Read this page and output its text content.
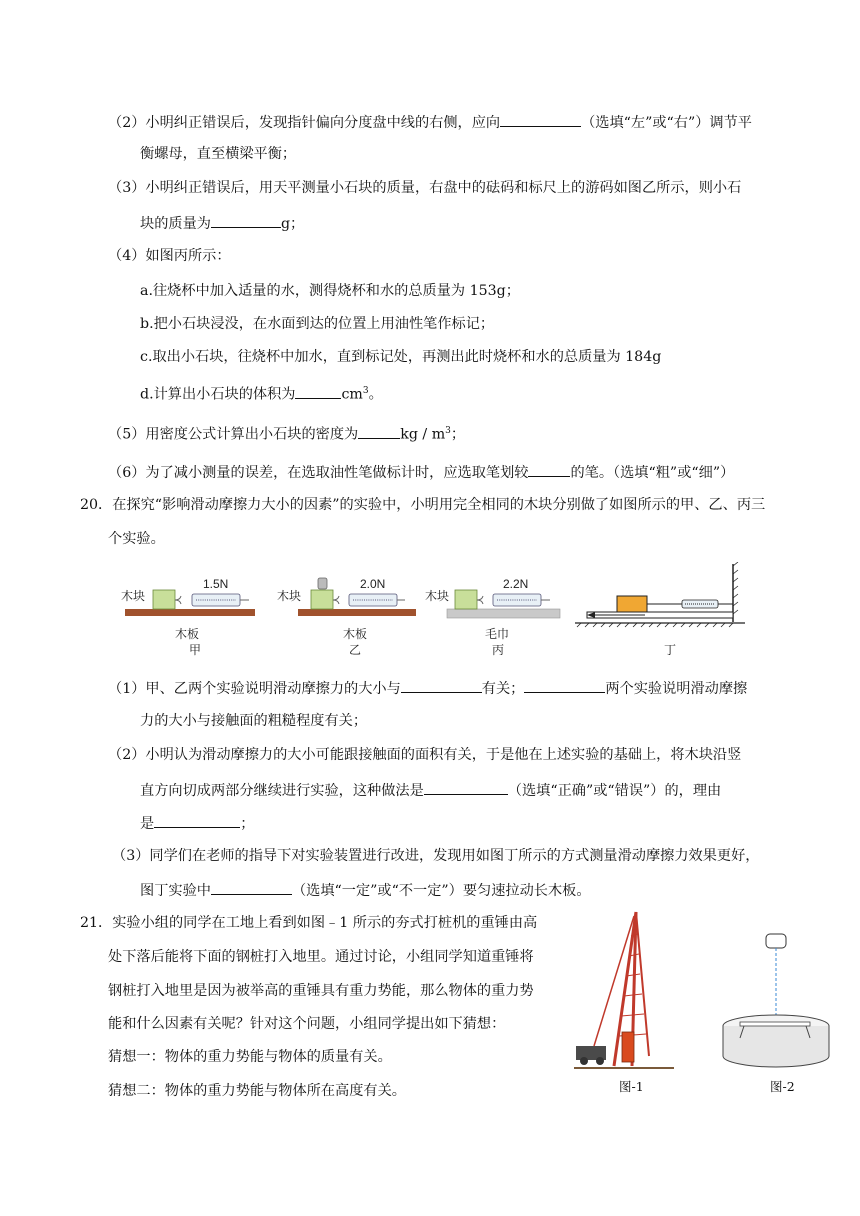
（2）小明纠正错误后，发现指针偏向分度盘中线的右侧，应向	（选填“左”或“右”）调节平
衡螺母，直至横梁平衡；
（3）小明纠正错误后，用天平测量小石块的质量，右盘中的砝码和标尺上的游码如图乙所示，则小石
块的质量为	g；
（4）如图丙所示：
a.往烧杯中加入适量的水，测得烧杯和水的总质量为 153g；
b.把小石块浸没，在水面到达的位置上用油性笔作标记；
c.取出小石块，往烧杯中加水，直到标记处，再测出此时烧杯和水的总质量为 184g
d.计算出小石块的体积为	$cm^3$。
（5）用密度公式计算出小石块的密度为	kg / $m^3$；
（6）为了减小测量的误差，在选取油性笔做标计时，应选取笔划较	的笔。（选填“粗”或“细”）
20．在探究“影响滑动摩擦力大小的因素”的实验中，小明用完全相同的木块分别做了如图所示的甲、乙、丙三
个实验。
木块
1.5N
木块
2.0N
木块
2.2N
木板
甲
木板
乙
毛巾
丙	丁
（1）甲、乙两个实验说明滑动摩擦力的大小与	有关；	两个实验说明滑动摩擦
力的大小与接触面的粗糙程度有关；
（2）小明认为滑动摩擦力的大小可能跟接触面的面积有关，于是他在上述实验的基础上，将木块沿竖
直方向切成两部分继续进行实验，这种做法是	（选填“正确”或“错误”）的，理由
是	；
（3）同学们在老师的指导下对实验装置进行改进，发现用如图丁所示的方式测量滑动摩擦力效果更好，
图丁实验中	（选填“一定”或“不一定”）要匀速拉动长木板。
21．实验小组的同学在工地上看到如图﹣1 所示的夯式打桩机的重锤由高
处下落后能将下面的钢桩打入地里。通过讨论，小组同学知道重锤将
钢桩打入地里是因为被举高的重锤具有重力势能，那么物体的重力势
能和什么因素有关呢？针对这个问题，小组同学提出如下猜想：
猜想一：物体的重力势能与物体的质量有关。
猜想二：物体的重力势能与物体所在高度有关。	图-1	图-2
